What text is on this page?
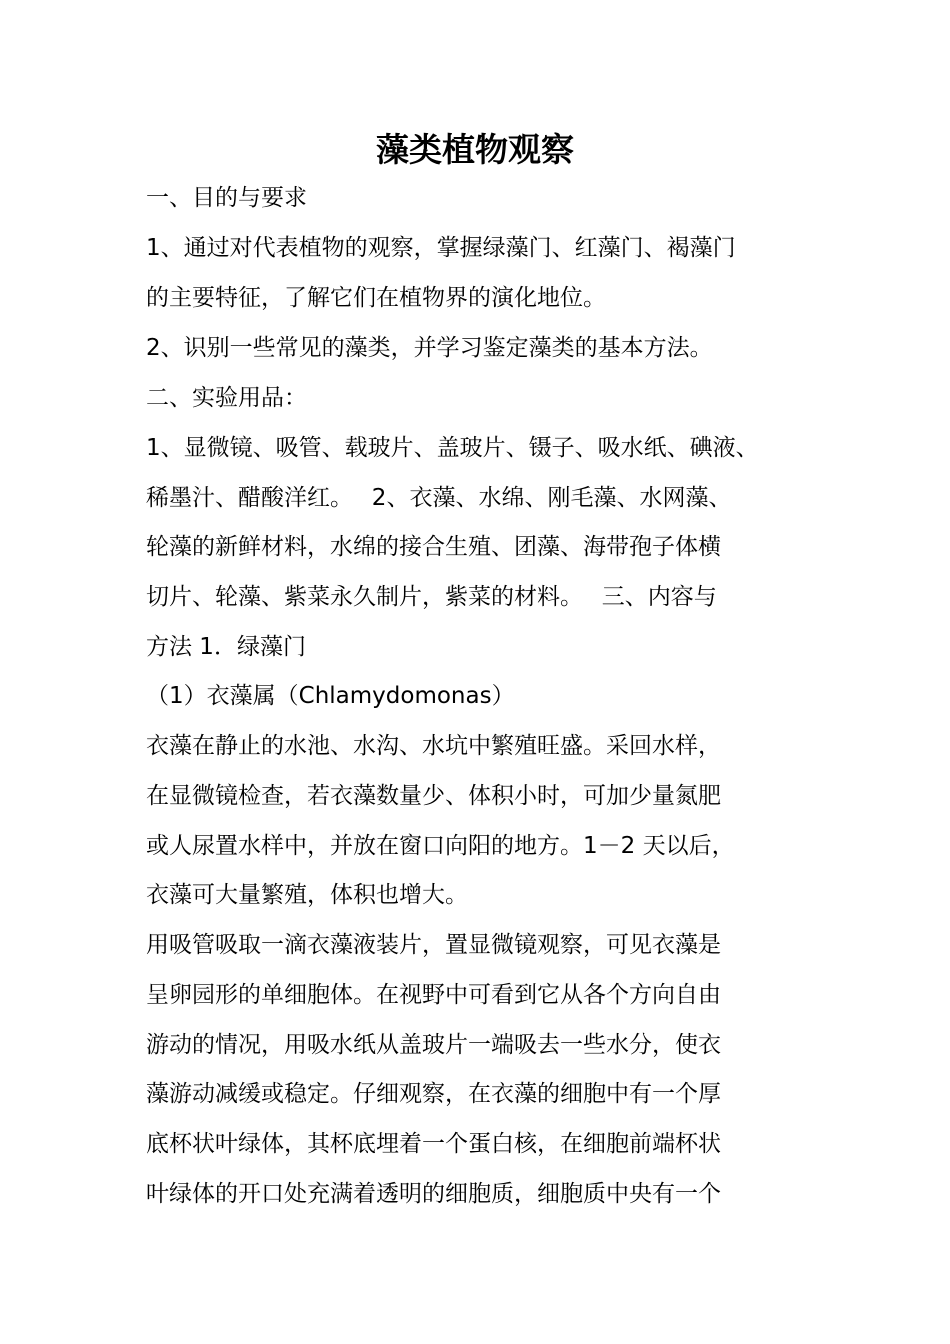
藻类植物观察

一、目的与要求

1、通过对代表植物的观察，掌握绿藻门、红藻门、褐藻门

的主要特征，了解它们在植物界的演化地位。

2、识别一些常见的藻类，并学习鉴定藻类的基本方法。

二、实验用品：

1、显微镜、吸管、载玻片、盖玻片、镊子、吸水纸、碘液、

稀墨汁、醋酸洋红。　 2、衣藻、水绵、刚毛藻、水网藻、

轮藻的新鲜材料，水绵的接合生殖、团藻、海带孢子体横

切片、轮藻、紫菜永久制片，紫菜的材料。　 三、内容与

方法 1．绿藻门

（1）衣藻属（Chlamydomonas）

衣藻在静止的水池、水沟、水坑中繁殖旺盛。采回水样，

在显微镜检查，若衣藻数量少、体积小时，可加少量氮肥

或人尿置水样中，并放在窗口向阳的地方。1－2 天以后，

衣藻可大量繁殖，体积也增大。

用吸管吸取一滴衣藻液装片，置显微镜观察，可见衣藻是

呈卵园形的单细胞体。在视野中可看到它从各个方向自由

游动的情况，用吸水纸从盖玻片一端吸去一些水分，使衣

藻游动减缓或稳定。仔细观察，在衣藻的细胞中有一个厚

底杯状叶绿体，其杯底埋着一个蛋白核，在细胞前端杯状

叶绿体的开口处充满着透明的细胞质，细胞质中央有一个
